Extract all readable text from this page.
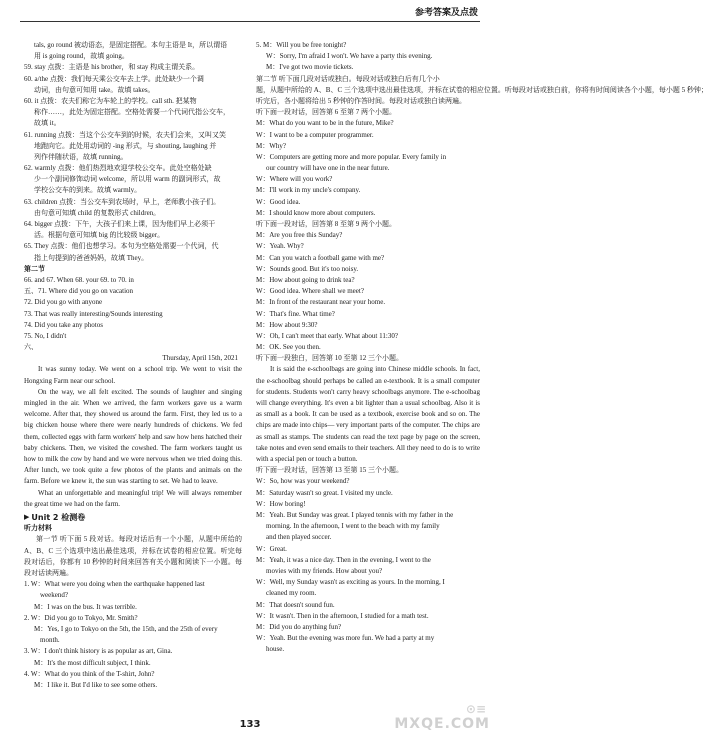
参考答案及点拨
tals, go round 被动语态，是固定搭配。本句主语是 It，所以谓语
用 is going round，故填 going。
59. stay 点拨：主语是 his brother，和 stay 构成主谓关系。
60. a/the 点拨：我们每天乘公交车去上学。此处缺少一个调
动词，由句意可知用 take。故填 takes。
60. it 点拨：农夫们称它为车轮上的学校。call sth. 把某物
称作……，此处为固定搭配。空格处需要一个代词代指公交车，
故填 it。
61. running 点拨：当这个公交车到的时候，农夫们会来，又叫又笑
地跑向它。此处用动词的 -ing 形式，与 shouting, laughing 并
列作伴随状语，故填 running。
62. warmly 点拨：他们热烈地欢迎学校公交车。此处空格处缺
少一个副词修饰动词 welcome，所以用 warm 的副词形式，故
学校公交车的到来。故填 warmly。
63. children 点拨：当公交车到农场时，早上，老师教小孩子们。
由句意可知填 child 的复数形式 children。
64. bigger 点拨：下午，大孩子们来上课，因为他们早上必须干
活。根据句意可知填 big 的比较级 bigger。
65. They 点拨：他们也想学习。本句为空格处需要一个代词，代
指上句提到的爸爸妈妈，故填 They。
第二节
66. and 67. When 68. your 69. to 70. in
五、71. Where did you go on vacation
72. Did you go with anyone
73. That was really interesting/Sounds interesting
74. Did you take any photos
75. No, I didn't
六、
Thursday, April 15th, 2021
It was sunny today. We went on a school trip. We went to visit the Hongxing Farm near our school.
On the way, we all felt excited. The sounds of laughter and singing mingled in the air. When we arrived, the farm workers gave us a warm welcome. After that, they showed us around the farm. First, they led us to a big chicken house where there were nearly hundreds of chickens. We fed them, collected eggs with farm workers' help and saw how hens hatched their baby chickens. Then, we visited the cowshed. The farm workers taught us how to milk the cow by hand and we were nervous when we tried doing this. After lunch, we took quite a few photos of the plants and animals on the farm. Before we knew it, the sun was starting to set. We had to leave.
What an unforgettable and meaningful trip! We will always remember the great time we had on the farm.
▶ Unit 2 检测卷
听力材料
第一节 听下面 5 段对话。每段对话后有一个小题，从题中所给的 A、B、C 三个选项中选出最佳选项，并标在试卷的相应位置。听完每段对话后，你都有 10 秒钟的时间来回答有关小题和阅读下一小题。每段对话读两遍。
1. W：What were you doing when the earthquake happened last
weekend?
M：I was on the bus. It was terrible.
2. W：Did you go to Tokyo, Mr. Smith?
M：Yes, I go to Tokyo on the 5th, the 15th, and the 25th of every
month.
3. W：I don't think history is as popular as art, Gina.
M：It's the most difficult subject, I think.
4. W：What do you think of the T-shirt, John?
M：I like it. But I'd like to see some others.
5. M：Will you be free tonight?
W：Sorry, I'm afraid I won't. We have a party this evening.
M：I've got two movie tickets.
第二节 听下面几段对话或独白。每段对话或独白后有几个小
题，从题中所给的 A、B、C 三个选项中选出最佳选项，并标在试卷的相应位置。听每段对话或独白前，你将有时间阅读各个小题，每小题 5 秒钟；
听完后，各小题将给出 5 秒钟的作答时间。每段对话或独白读两遍。
听下面一段对话，回答第 6 至第 7 两个小题。
M：What do you want to be in the future, Mike?
W：I want to be a computer programmer.
M：Why?
W：Computers are getting more and more popular. Every family in
our country will have one in the near future.
W：Where will you work?
M：I'll work in my uncle's company.
W：Good idea.
M：I should know more about computers.
听下面一段对话，回答第 8 至第 9 两个小题。
M：Are you free this Sunday?
W：Yeah. Why?
M：Can you watch a football game with me?
W：Sounds good. But it's too noisy.
M：How about going to drink tea?
W：Good idea. Where shall we meet?
M：In front of the restaurant near your home.
W：That's fine. What time?
M：How about 9:30?
W：Oh, I can't meet that early. What about 11:30?
M：OK. See you then.
听下面一段独白，回答第 10 至第 12 三个小题。
It is said the e-schoolbags are going into Chinese middle schools. In fact, the e-schoolbag should perhaps be called an e-textbook. It is a small computer for students. Students won't carry heavy schoolbags anymore. The e-schoolbag will change everything. It's even a bit lighter than a usual schoolbag. Also it is as small as a book. It can be used as a textbook, exercise book and so on. The chips are made into chips— very important parts of the computer. The chips are as small as stamps. The students can read the text page by page on the screen, take notes and even send emails to their teachers. All they need to do is to write with a special pen or touch a button.
听下面一段对话，回答第 13 至第 15 三个小题。
W：So, how was your weekend?
M：Saturday wasn't so great. I visited my uncle.
W：How boring!
M：Yeah. But Sunday was great. I played tennis with my father in the
morning. In the afternoon, I went to the beach with my family
and then played soccer.
W：Great.
M：Yeah, it was a nice day. Then in the evening, I went to the
movies with my friends. How about you?
W：Well, my Sunday wasn't as exciting as yours. In the morning, I
cleaned my room.
M：That doesn't sound fun.
W：It wasn't. Then in the afternoon, I studied for a math test.
M：Did you do anything fun?
W：Yeah. But the evening was more fun. We had a party at my
house.
133
⊙≡
MXQE.COM
